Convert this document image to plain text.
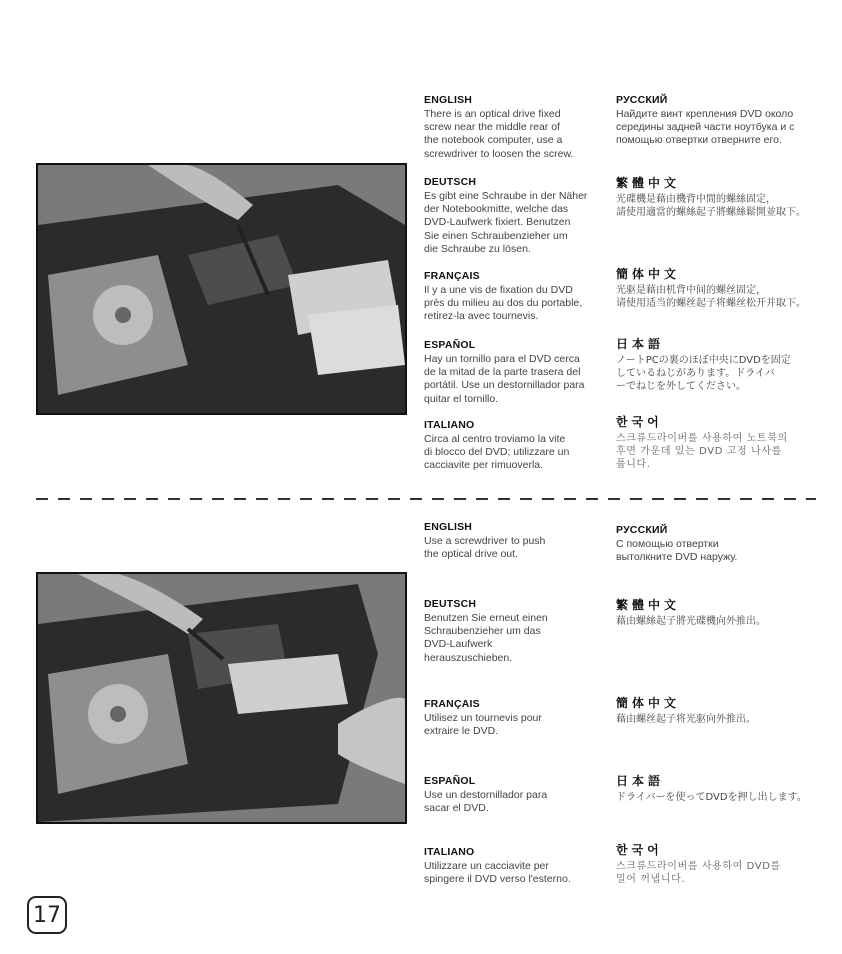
ENGLISH
There is an optical drive fixed
screw near the middle rear of
the notebook computer, use a
screwdriver to loosen the screw.
DEUTSCH
Es gibt eine Schraube in der Näher
der Notebookmitte, welche das
DVD-Laufwerk fixiert. Benutzen
Sie einen Schraubenzieher um
die Schraube zu lösen.
FRANÇAIS
Il y a une vis de fixation du DVD
près du milieu au dos du portable,
retirez-la avec tournevis.
ESPAÑOL
Hay un tornillo para el DVD cerca
de la mitad de la parte trasera del
portátil. Use un destornillador para
quitar el tornillo.
ITALIANO
Circa al centro troviamo la vite
di blocco del DVD; utilizzare un
cacciavite per rimuoverla.
РУССКИЙ
Найдите винт крепления DVD около
середины задней части ноутбука и с
помощью отвертки отверните его.
繁體中文
光碟機是藉由機背中間的螺絲固定，
請使用適當的螺絲起子將螺絲鬆開並取下。
簡体中文
光驱是藉由机背中间的螺丝固定，
请使用适当的螺丝起子将螺丝松开并取下。
日本語
ノートPCの裏のほぼ中央にDVDを固定
しているねじがあります。ドライバ
ーでねじを外してください。
한국어
스크류드라이버를 사용하여 노트북의
후면 가운데 있는 DVD 고정 나사를
풉니다.
ENGLISH
Use a screwdriver to push
the optical drive out.
DEUTSCH
Benutzen Sie erneut einen
Schraubenzieher um das
DVD-Laufwerk
herauszuschieben.
FRANÇAIS
Utilisez un tournevis pour
extraire le DVD.
ESPAÑOL
Use un destornillador para
sacar el DVD.
ITALIANO
Utilizzare un cacciavite per
spingere il DVD verso l'esterno.
РУССКИЙ
С помощью отвертки
вытолкните DVD наружу.
繁體中文
藉由螺絲起子將光碟機向外推出。
簡体中文
藉由螺丝起子将光驱向外推出。
日本語
ドライバーを使ってDVDを押し出します。
한국어
스크류드라이버를 사용하여 DVD를
밀어 꺼냅니다.
17
